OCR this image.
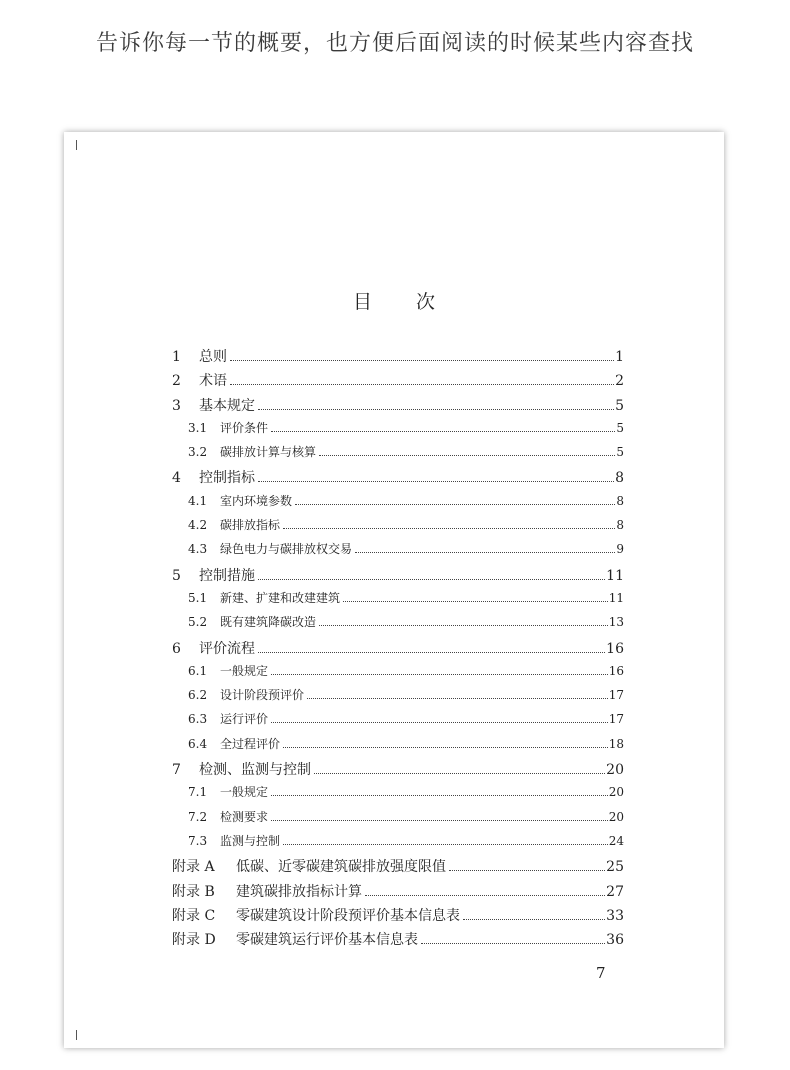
告诉你每一节的概要，也方便后面阅读的时候某些内容查找
目 次
1	总则	1
2	术语	2
3	基本规定	5
3.1	评价条件	5
3.2	碳排放计算与核算	5
4	控制指标	8
4.1	室内环境参数	8
4.2	碳排放指标	8
4.3	绿色电力与碳排放权交易	9
5	控制措施	11
5.1	新建、扩建和改建建筑	11
5.2	既有建筑降碳改造	13
6	评价流程	16
6.1	一般规定	16
6.2	设计阶段预评价	17
6.3	运行评价	17
6.4	全过程评价	18
7	检测、监测与控制	20
7.1	一般规定	20
7.2	检测要求	20
7.3	监测与控制	24
附录 A	低碳、近零碳建筑碳排放强度限值	25
附录 B	建筑碳排放指标计算	27
附录 C	零碳建筑设计阶段预评价基本信息表	33
附录 D	零碳建筑运行评价基本信息表	36
7
